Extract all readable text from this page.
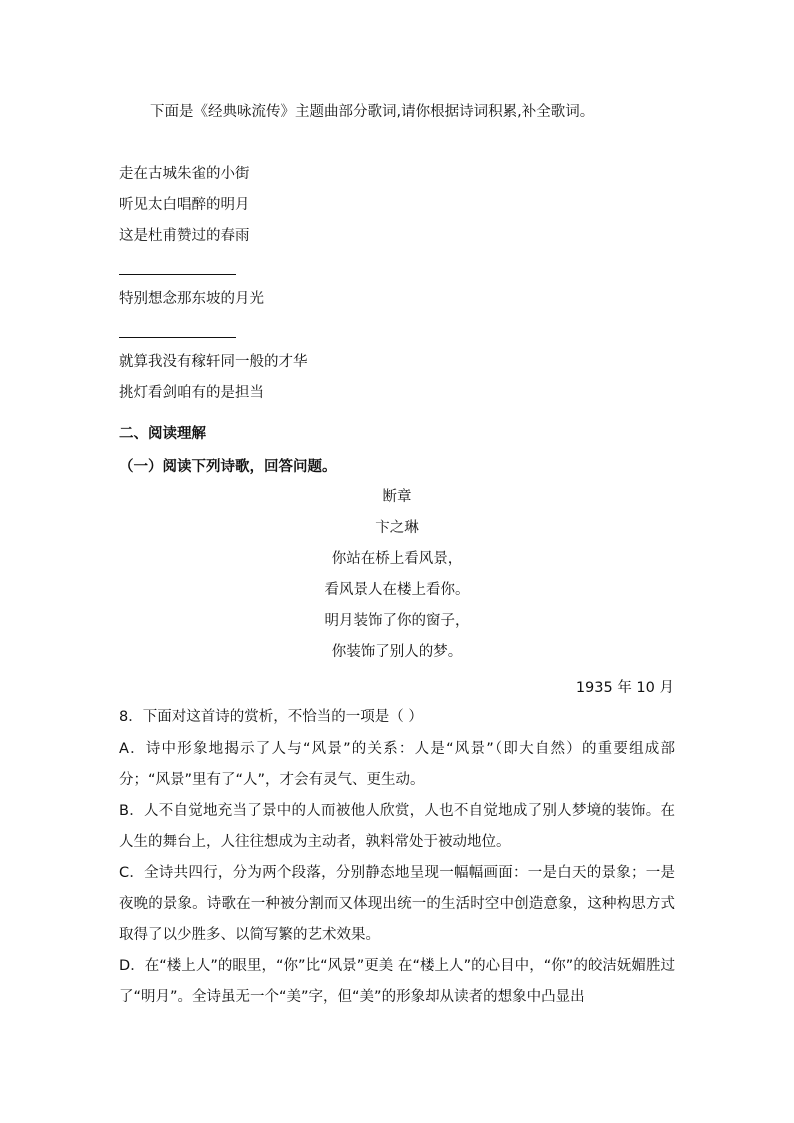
下面是《经典咏流传》主题曲部分歌词,请你根据诗词积累,补全歌词。
走在古城朱雀的小街
听见太白唱醉的明月
这是杜甫赞过的春雨
特别想念那东坡的月光
就算我没有稼轩同一般的才华
挑灯看剑咱有的是担当
二、阅读理解
（一）阅读下列诗歌，回答问题。
断章
卞之琳
你站在桥上看风景，
看风景人在楼上看你。
明月装饰了你的窗子，
你装饰了别人的梦。
1935 年 10 月
8．下面对这首诗的赏析，不恰当的一项是（ ）
A．诗中形象地揭示了人与“风景”的关系：人是“风景”（即大自然）的重要组成部分；“风景”里有了“人”，才会有灵气、更生动。
B．人不自觉地充当了景中的人而被他人欣赏，人也不自觉地成了别人梦境的装饰。在人生的舞台上，人往往想成为主动者，孰料常处于被动地位。
C．全诗共四行，分为两个段落，分别静态地呈现一幅幅画面：一是白天的景象；一是夜晚的景象。诗歌在一种被分割而又体现出统一的生活时空中创造意象，这种构思方式取得了以少胜多、以简写繁的艺术效果。
D．在“楼上人”的眼里，“你”比“风景”更美 在“楼上人”的心目中，“你”的皎洁妩媚胜过了“明月”。全诗虽无一个“美”字，但“美”的形象却从读者的想象中凸显出
